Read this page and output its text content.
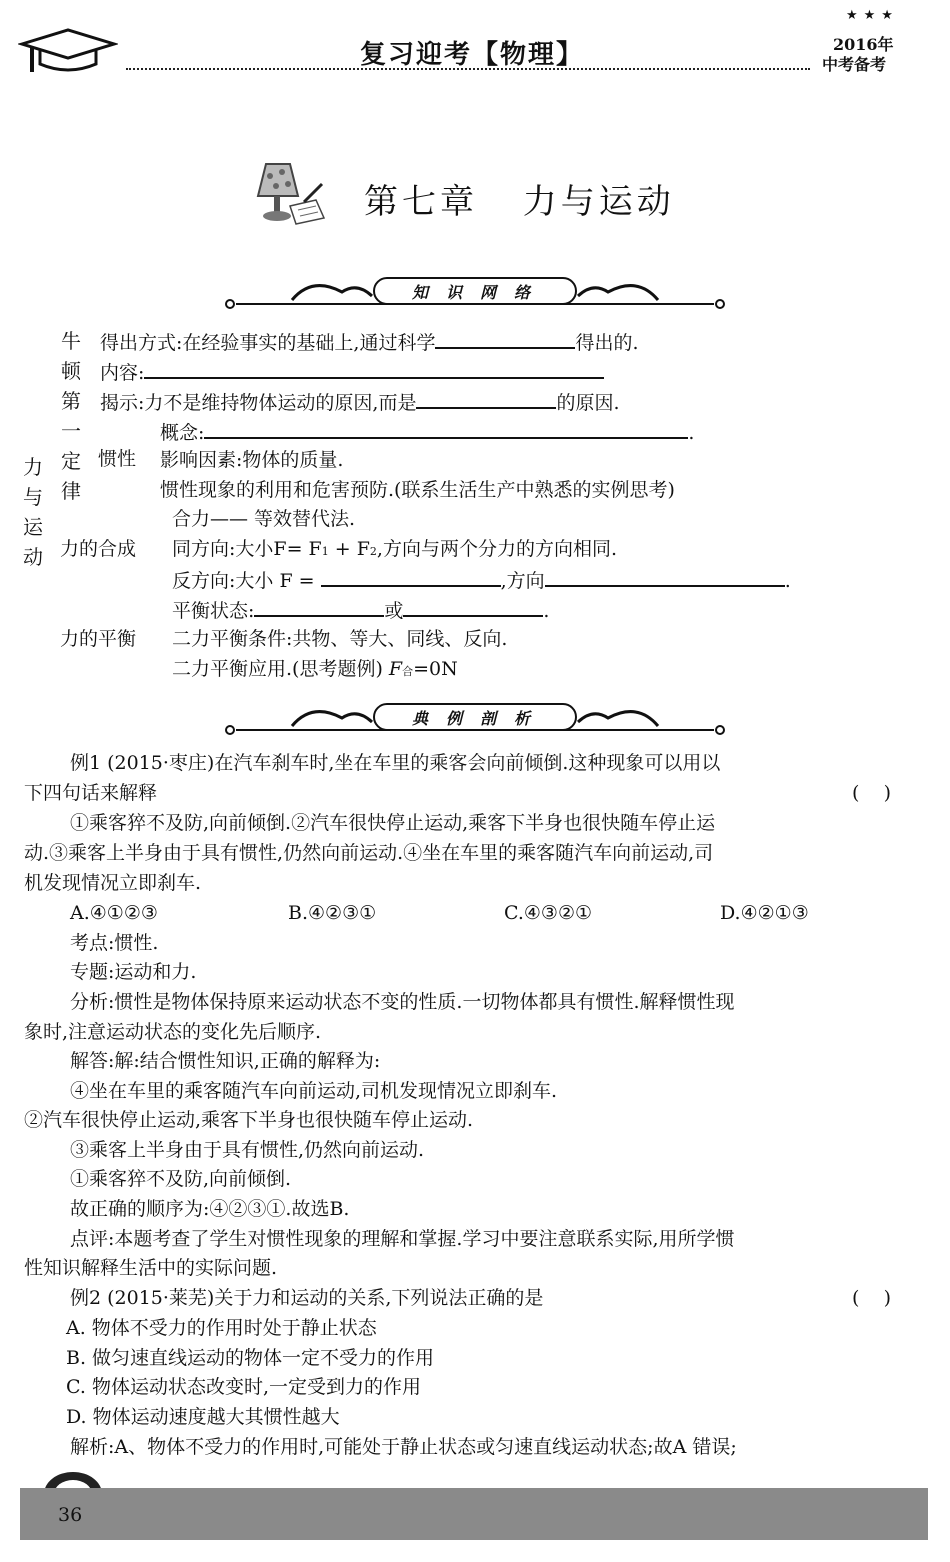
复习迎考【物理】
★★★
2016年
中考备考
第七章 力与运动
知识网络
力与运动
牛顿第一定律
得出方式:在经验事实的基础上,通过科学	得出的.
内容:
揭示:力不是维持物体运动的原因,而是	的原因.
惯性
概念:	.
影响因素:物体的质量.
惯性现象的利用和危害预防.(联系生活生产中熟悉的实例思考)
力的合成
合力—— 等效替代法.
同方向:大小F= F1 + F2,方向与两个分力的方向相同.
反方向:大小 F =	,方向	.
力的平衡
平衡状态:	或	.
二力平衡条件:共物、等大、同线、反向.
二力平衡应用.(思考题例) F合=0N
典例剖析
例1 (2015·枣庄)在汽车刹车时,坐在车里的乘客会向前倾倒.这种现象可以用以
下四句话来解释	(    )
①乘客猝不及防,向前倾倒.②汽车很快停止运动,乘客下半身也很快随车停止运
动.③乘客上半身由于具有惯性,仍然向前运动.④坐在车里的乘客随汽车向前运动,司
机发现情况立即刹车.
A.④①②③	B.④②③①	C.④③②①	D.④②①③
考点:惯性.
专题:运动和力.
分析:惯性是物体保持原来运动状态不变的性质.一切物体都具有惯性.解释惯性现
象时,注意运动状态的变化先后顺序.
解答:解:结合惯性知识,正确的解释为:
④坐在车里的乘客随汽车向前运动,司机发现情况立即刹车.
②汽车很快停止运动,乘客下半身也很快随车停止运动.
③乘客上半身由于具有惯性,仍然向前运动.
①乘客猝不及防,向前倾倒.
故正确的顺序为:④②③①.故选B.
点评:本题考查了学生对惯性现象的理解和掌握.学习中要注意联系实际,用所学惯
性知识解释生活中的实际问题.
例2 (2015·莱芜)关于力和运动的关系,下列说法正确的是	(    )
A. 物体不受力的作用时处于静止状态
B. 做匀速直线运动的物体一定不受力的作用
C. 物体运动状态改变时,一定受到力的作用
D. 物体运动速度越大其惯性越大
解析:A、物体不受力的作用时,可能处于静止状态或匀速直线运动状态;故A 错误;
36
